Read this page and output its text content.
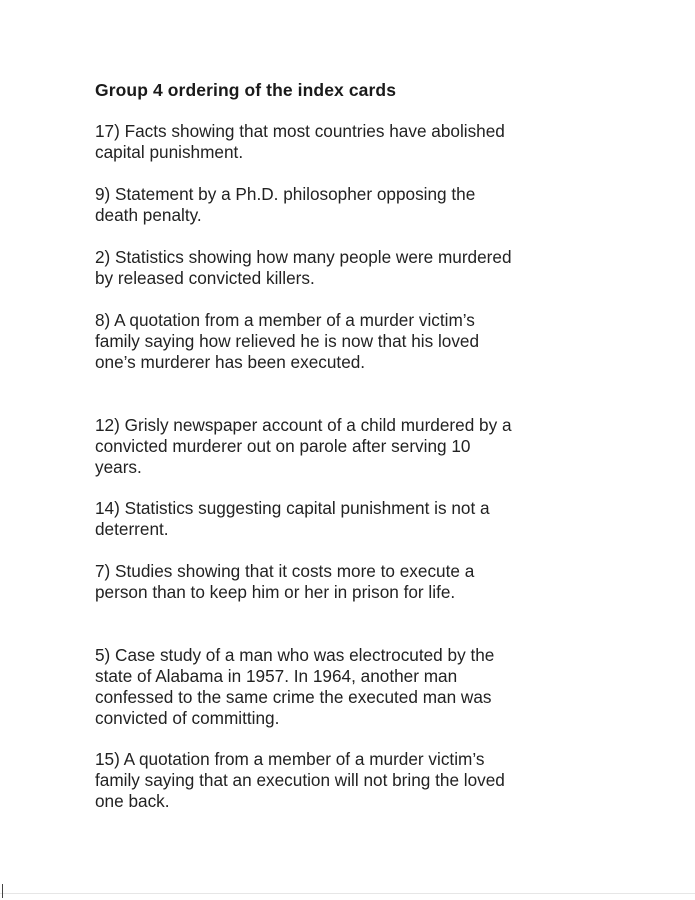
Group 4 ordering of the index cards

17) Facts showing that most countries have abolished capital punishment.

9) Statement by a Ph.D. philosopher opposing the death penalty.

2) Statistics showing how many people were murdered by released convicted killers.

8) A quotation from a member of a murder victim’s family saying how relieved he is now that his loved one’s murderer has been executed.

12) Grisly newspaper account of a child murdered by a convicted murderer out on parole after serving 10 years.

14) Statistics suggesting capital punishment is not a deterrent.

7) Studies showing that it costs more to execute a person than to keep him or her in prison for life.

5) Case study of a man who was electrocuted by the state of Alabama in 1957. In 1964, another man confessed to the same crime the executed man was convicted of committing.

15) A quotation from a member of a murder victim’s family saying that an execution will not bring the loved one back.
